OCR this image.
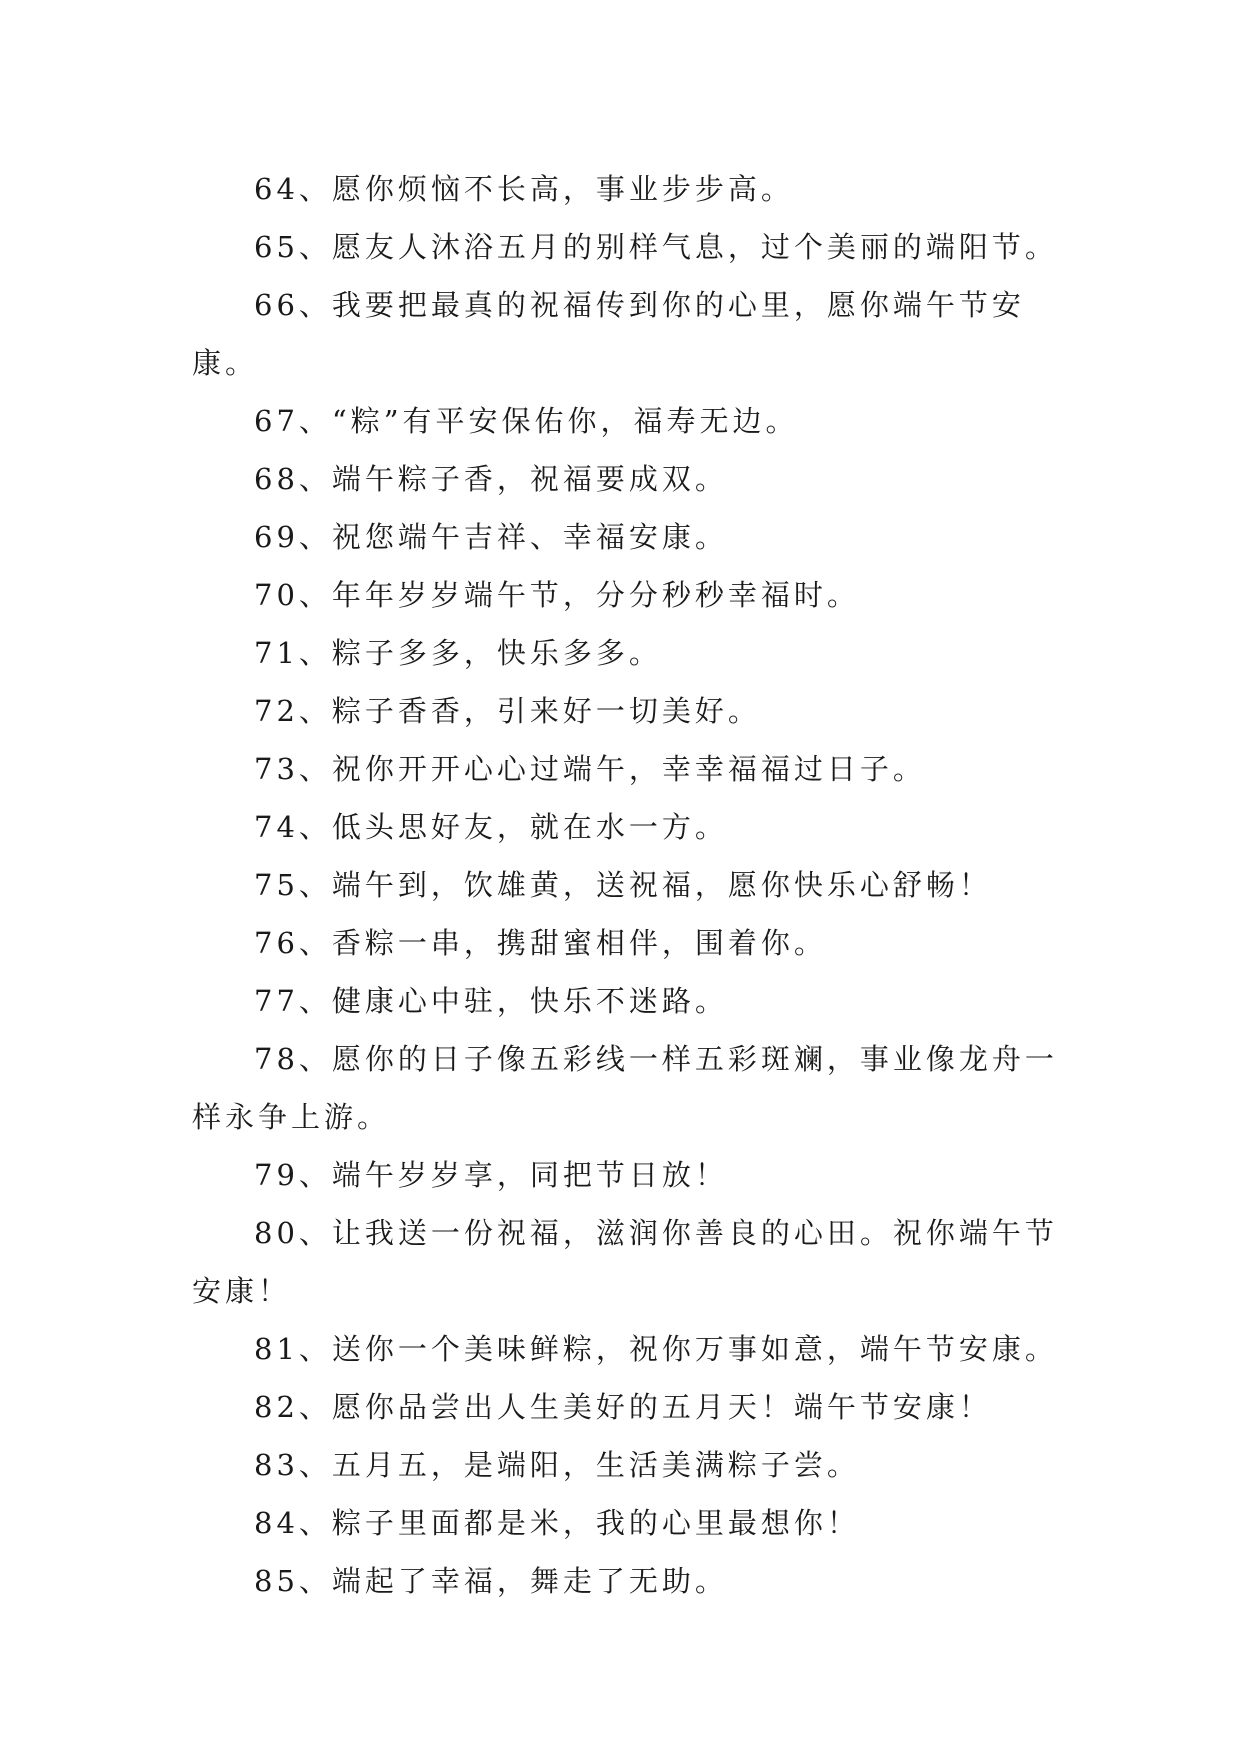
64、愿你烦恼不长高，事业步步高。

65、愿友人沐浴五月的别样气息，过个美丽的端阳节。

66、我要把最真的祝福传到你的心里，愿你端午节安康。

67、“粽”有平安保佑你，福寿无边。

68、端午粽子香，祝福要成双。

69、祝您端午吉祥、幸福安康。

70、年年岁岁端午节，分分秒秒幸福时。

71、粽子多多，快乐多多。

72、粽子香香，引来好一切美好。

73、祝你开开心心过端午，幸幸福福过日子。

74、低头思好友，就在水一方。

75、端午到，饮雄黄，送祝福，愿你快乐心舒畅！

76、香粽一串，携甜蜜相伴，围着你。

77、健康心中驻，快乐不迷路。

78、愿你的日子像五彩线一样五彩斑斓，事业像龙舟一样永争上游。

79、端午岁岁享，同把节日放！

80、让我送一份祝福，滋润你善良的心田。祝你端午节安康！

81、送你一个美味鲜粽，祝你万事如意，端午节安康。

82、愿你品尝出人生美好的五月天！端午节安康！

83、五月五，是端阳，生活美满粽子尝。

84、粽子里面都是米，我的心里最想你！

85、端起了幸福，舞走了无助。
